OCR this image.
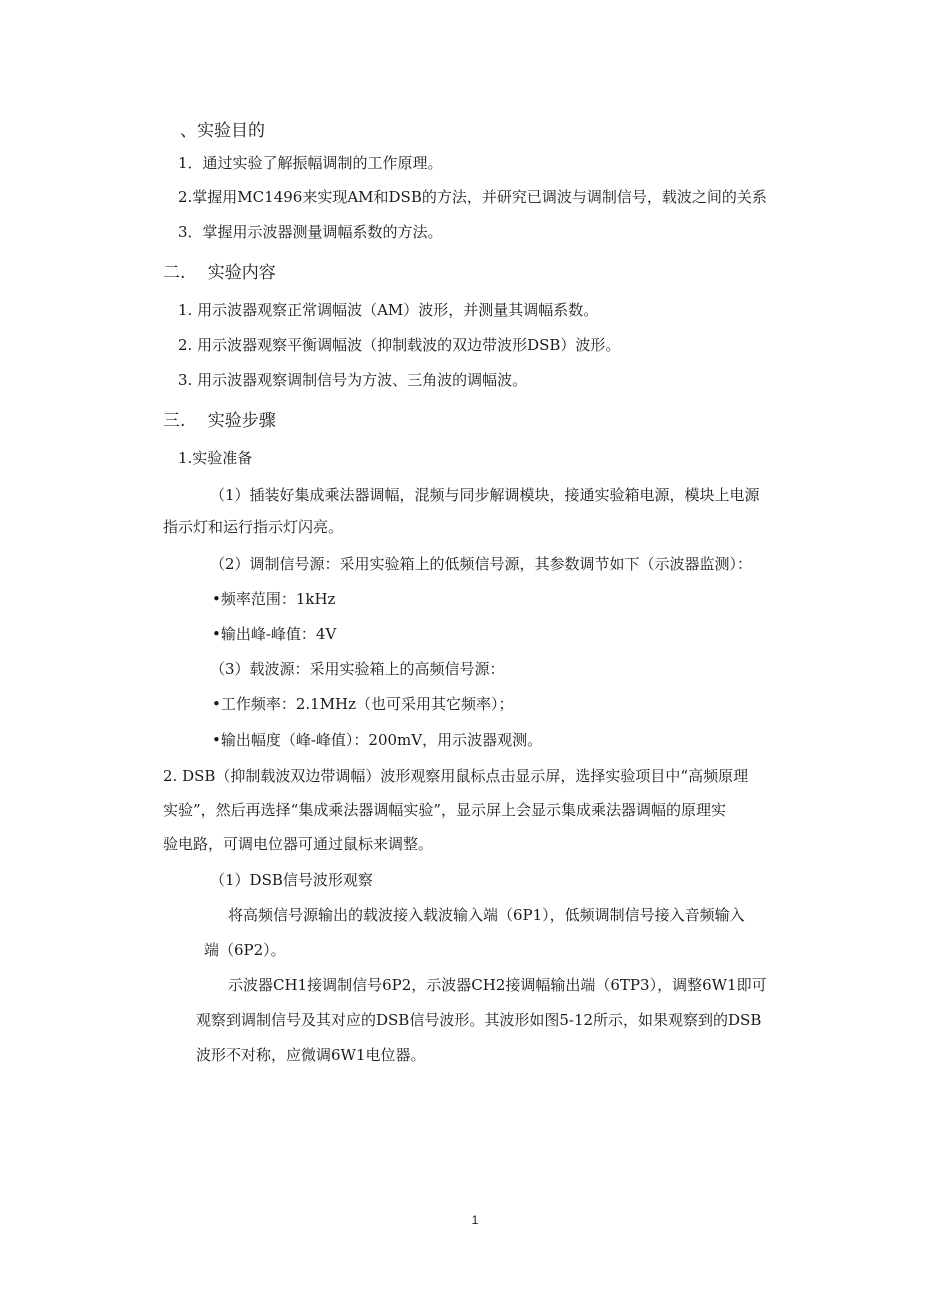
、实验目的
1．通过实验了解振幅调制的工作原理。
2.掌握用MC1496来实现AM和DSB的方法，并研究已调波与调制信号，载波之间的关系
3．掌握用示波器测量调幅系数的方法。
二.　 实验内容
1. 用示波器观察正常调幅波（AM）波形，并测量其调幅系数。
2. 用示波器观察平衡调幅波（抑制载波的双边带波形DSB）波形。
3. 用示波器观察调制信号为方波、三角波的调幅波。
三.　 实验步骤
1.实验准备
（1）插装好集成乘法器调幅，混频与同步解调模块，接通实验箱电源，模块上电源
指示灯和运行指示灯闪亮。
（2）调制信号源：采用实验箱上的低频信号源，其参数调节如下（示波器监测）：
•频率范围：1kHz
•输出峰-峰值：4V
（3）载波源：采用实验箱上的高频信号源：
•工作频率：2.1MHz（也可采用其它频率）；
•输出幅度（峰-峰值）：200mV，用示波器观测。
2. DSB（抑制载波双边带调幅）波形观察用鼠标点击显示屏，选择实验项目中“高频原理
实验”，然后再选择“集成乘法器调幅实验”，显示屏上会显示集成乘法器调幅的原理实
验电路，可调电位器可通过鼠标来调整。
（1）DSB信号波形观察
将高频信号源输出的载波接入载波输入端（6P1），低频调制信号接入音频输入
端（6P2）。
示波器CH1接调制信号6P2，示波器CH2接调幅输出端（6TP3），调整6W1即可
观察到调制信号及其对应的DSB信号波形。其波形如图5-12所示，如果观察到的DSB
波形不对称，应微调6W1电位器。
1
